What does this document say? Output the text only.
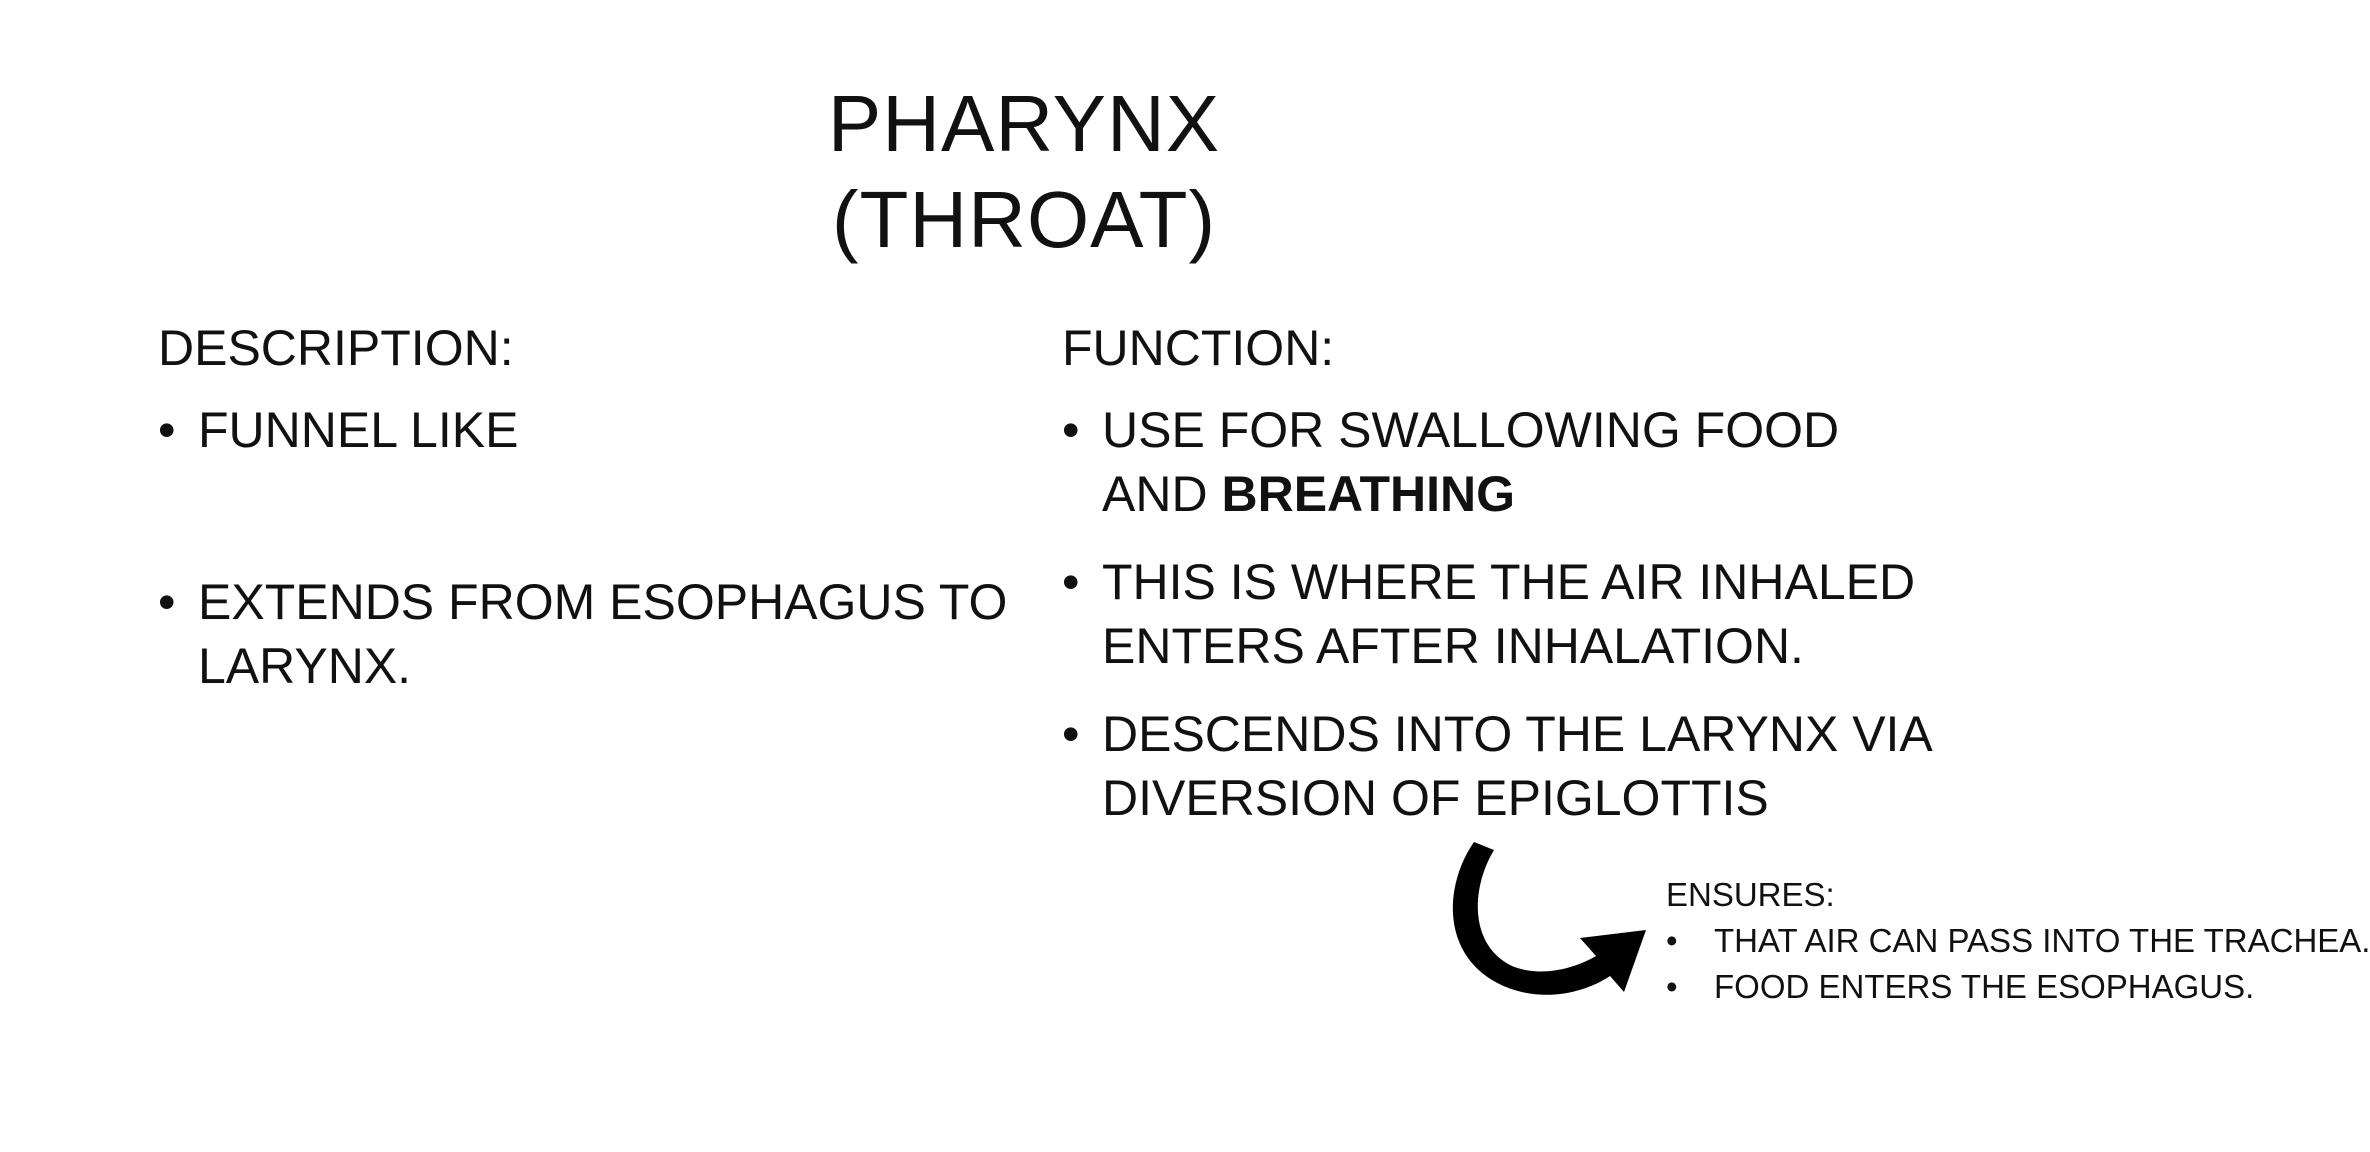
PHARYNX
(THROAT)
DESCRIPTION:
• FUNNEL LIKE
• EXTENDS FROM ESOPHAGUS TO LARYNX.
FUNCTION:
• USE FOR SWALLOWING FOOD AND BREATHING
• THIS IS WHERE THE AIR INHALED ENTERS AFTER INHALATION.
• DESCENDS INTO THE LARYNX VIA DIVERSION OF EPIGLOTTIS
ENSURES:
• THAT AIR CAN PASS INTO THE TRACHEA.
• FOOD ENTERS THE ESOPHAGUS.
